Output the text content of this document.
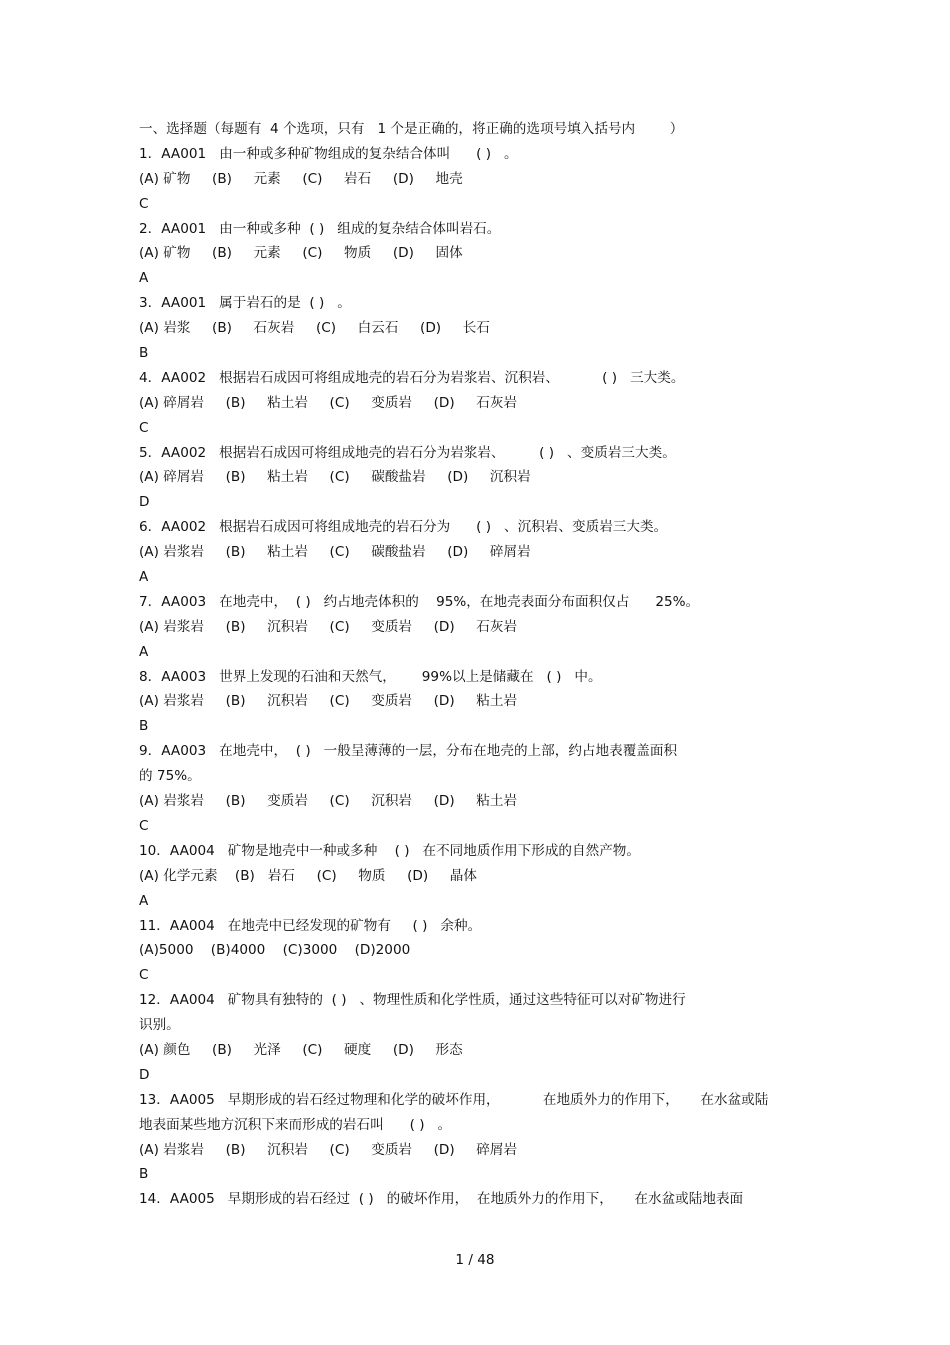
一、选择题（每题有  4 个选项，只有   1 个是正确的，将正确的选项号填入括号内        ）
1．AA001   由一种或多种矿物组成的复杂结合体叫      ( )   。
(A) 矿物     (B)     元素     (C)     岩石     (D)     地壳
C
2．AA001   由一种或多种  ( )   组成的复杂结合体叫岩石。
(A) 矿物     (B)     元素     (C)     物质     (D)     固体
A
3．AA001   属于岩石的是  ( )   。
(A) 岩浆     (B)     石灰岩     (C)     白云石     (D)     长石
B
4．AA002   根据岩石成因可将组成地壳的岩石分为岩浆岩、沉积岩、          ( )   三大类。
(A) 碎屑岩     (B)     粘土岩     (C)     变质岩     (D)     石灰岩
C
5．AA002   根据岩石成因可将组成地壳的岩石分为岩浆岩、        ( )   、变质岩三大类。
(A) 碎屑岩     (B)     粘土岩     (C)     碳酸盐岩     (D)     沉积岩
D
6．AA002   根据岩石成因可将组成地壳的岩石分为      ( )   、沉积岩、变质岩三大类。
(A) 岩浆岩     (B)     粘土岩     (C)     碳酸盐岩     (D)     碎屑岩
A
7．AA003   在地壳中，  ( )   约占地壳体积的    95%，在地壳表面分布面积仅占      25%。
(A) 岩浆岩     (B)     沉积岩     (C)     变质岩     (D)     石灰岩
A
8．AA003   世界上发现的石油和天然气，      99%以上是储藏在   ( )   中。
(A) 岩浆岩     (B)     沉积岩     (C)     变质岩     (D)     粘土岩
B
9．AA003   在地壳中，  ( )   一般呈薄薄的一层，分布在地壳的上部，约占地表覆盖面积
的 75%。
(A) 岩浆岩     (B)     变质岩     (C)     沉积岩     (D)     粘土岩
C
10．AA004   矿物是地壳中一种或多种    ( )   在不同地质作用下形成的自然产物。
(A) 化学元素    (B)   岩石     (C)     物质     (D)     晶体
A
11．AA004   在地壳中已经发现的矿物有     ( )   余种。
(A)5000    (B)4000    (C)3000    (D)2000
C
12．AA004   矿物具有独特的  ( )   、物理性质和化学性质，通过这些特征可以对矿物进行
识别。
(A) 颜色     (B)     光泽     (C)     硬度     (D)     形态
D
13．AA005   早期形成的岩石经过物理和化学的破坏作用，          在地质外力的作用下，     在水盆或陆
地表面某些地方沉积下来而形成的岩石叫      ( )   。
(A) 岩浆岩     (B)     沉积岩     (C)     变质岩     (D)     碎屑岩
B
14．AA005   早期形成的岩石经过  ( )   的破坏作用，  在地质外力的作用下，     在水盆或陆地表面
1 / 48
